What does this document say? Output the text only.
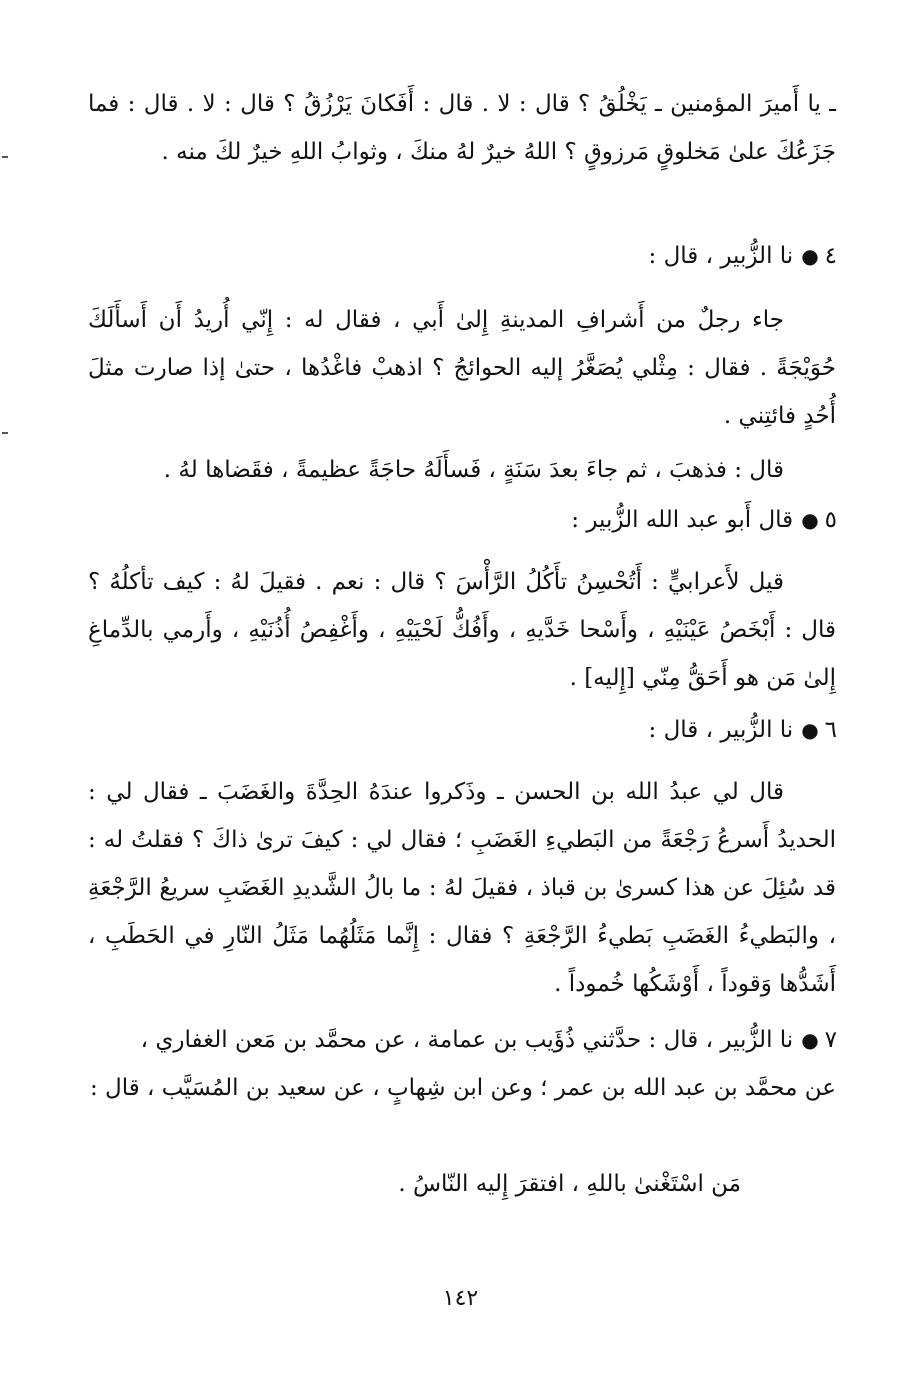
ـ يا أَميرَ المؤمنين ـ يَخْلُقُ ؟ قال : لا . قال : أَفَكانَ يَرْزُقُ ؟ قال : لا . قال : فما جَزَعُكَ علىٰ مَخلوقٍ مَرزوقٍ ؟ اللهُ خيرٌ لهُ منكَ ، وثوابُ اللهِ خيرٌ لكَ منه .

٤●نا الزُّبير ، قال :

جاء رجلٌ من أَشرافِ المدينةِ إِلىٰ أَبي ، فقال له : إِنّي أُريدُ أَن أَسأَلَكَ حُوَيْجَةً . فقال : مِثْلي يُصَغَّرُ إليه الحوائجُ ؟ اذهبْ فاغْدُها ، حتىٰ إذا صارت مثلَ أُحُدٍ فائتِني .

قال : فذهبَ ، ثم جاءَ بعدَ سَنَةٍ ، فَسأَلَهُ حاجَةً عظيمةً ، فقَضاها لهُ .

٥●قال أَبو عبد الله الزُّبير :

قيل لأَعرابيٍّ : أَتُحْسِنُ تأَكُلُ الرَّأْسَ ؟ قال : نعم . فقيلَ لهُ : كيف تأكلُهُ ؟ قال : أَبْخَصُ عَيْنَيْهِ ، وأَسْحا خَدَّيهِ ، وأَفُكُّ لَحْيَيْهِ ، وأَغْفِصُ أُذُنَيْهِ ، وأَرمي بالدِّماغِ إِلىٰ مَن هو أَحَقُّ مِنّي [إِليه] .

٦●نا الزُّبير ، قال :

قال لي عبدُ الله بن الحسن ـ وذَكروا عندَهُ الحِدَّةَ والغَضَبَ ـ فقال لي : الحديدُ أَسرعُ رَجْعَةً من البَطيءِ الغَضَبِ ؛ فقال لي : كيفَ ترىٰ ذاكَ ؟ فقلتُ له : قد سُئِلَ عن هذا كسرىٰ بن قباذ ، فقيلَ لهُ : ما بالُ الشَّديدِ الغَضَبِ سريعُ الرَّجْعَةِ ، والبَطيءُ الغَضَبِ بَطيءُ الرَّجْعَةِ ؟ فقال : إِنَّما مَثَلُهُما مَثَلُ النّارِ في الحَطَبِ ، أَشَدُّها وَقوداً ، أَوْشَكُها خُموداً .

٧●نا الزُّبير ، قال : حدَّثني ذُؤَيب بن عمامة ، عن محمَّد بن مَعن الغفاري ،

عن محمَّد بن عبد الله بن عمر ؛ وعن ابن شِهابٍ ، عن سعيد بن المُسَيَّب ، قال :

مَن اسْتَغْنىٰ باللهِ ، افتقرَ إِليه النّاسُ .
١٤٢
